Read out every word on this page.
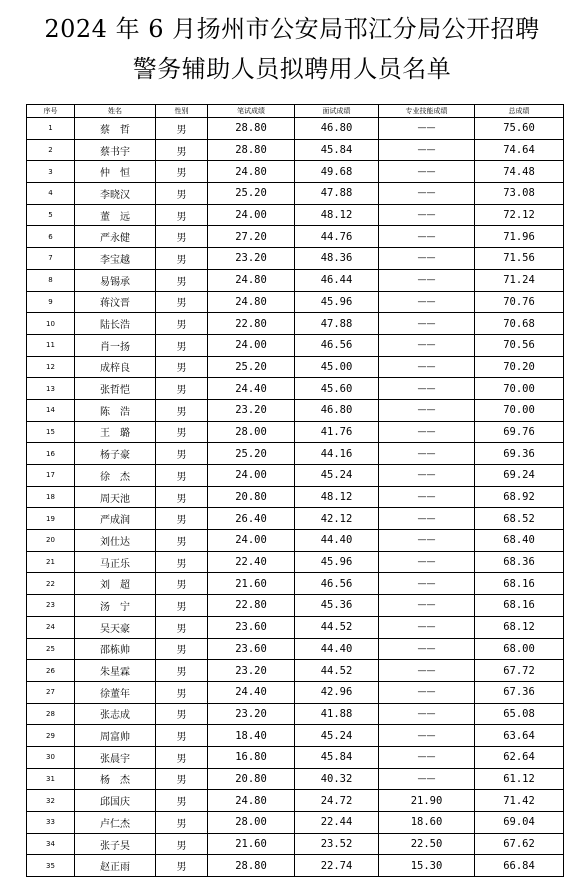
2024 年 6 月扬州市公安局邗江分局公开招聘
警务辅助人员拟聘用人员名单
序号	姓名	性别	笔试成绩	面试成绩	专业技能成绩	总成绩
1	蔡　哲	男	28.80	46.80	——	75.60
2	蔡书宇	男	28.80	45.84	——	74.64
3	仲　恒	男	24.80	49.68	——	74.48
4	李晓汉	男	25.20	47.88	——	73.08
5	董　远	男	24.00	48.12	——	72.12
6	严永健	男	27.20	44.76	——	71.96
7	李宝越	男	23.20	48.36	——	71.56
8	易锡承	男	24.80	46.44	——	71.24
9	蒋汶晋	男	24.80	45.96	——	70.76
10	陆长浩	男	22.80	47.88	——	70.68
11	肖一扬	男	24.00	46.56	——	70.56
12	成梓良	男	25.20	45.00	——	70.20
13	张哲恺	男	24.40	45.60	——	70.00
14	陈　浩	男	23.20	46.80	——	70.00
15	王　璐	男	28.00	41.76	——	69.76
16	杨子豪	男	25.20	44.16	——	69.36
17	徐　杰	男	24.00	45.24	——	69.24
18	周天池	男	20.80	48.12	——	68.92
19	严成润	男	26.40	42.12	——	68.52
20	刘仕达	男	24.00	44.40	——	68.40
21	马正乐	男	22.40	45.96	——	68.36
22	刘　超	男	21.60	46.56	——	68.16
23	汤　宁	男	22.80	45.36	——	68.16
24	吴天豪	男	23.60	44.52	——	68.12
25	邵栋帅	男	23.60	44.40	——	68.00
26	朱星霖	男	23.20	44.52	——	67.72
27	徐董年	男	24.40	42.96	——	67.36
28	张志成	男	23.20	41.88	——	65.08
29	周富帅	男	18.40	45.24	——	63.64
30	张晨宇	男	16.80	45.84	——	62.64
31	杨　杰	男	20.80	40.32	——	61.12
32	邱国庆	男	24.80	24.72	21.90	71.42
33	卢仁杰	男	28.00	22.44	18.60	69.04
34	张子昊	男	21.60	23.52	22.50	67.62
35	赵正雨	男	28.80	22.74	15.30	66.84
